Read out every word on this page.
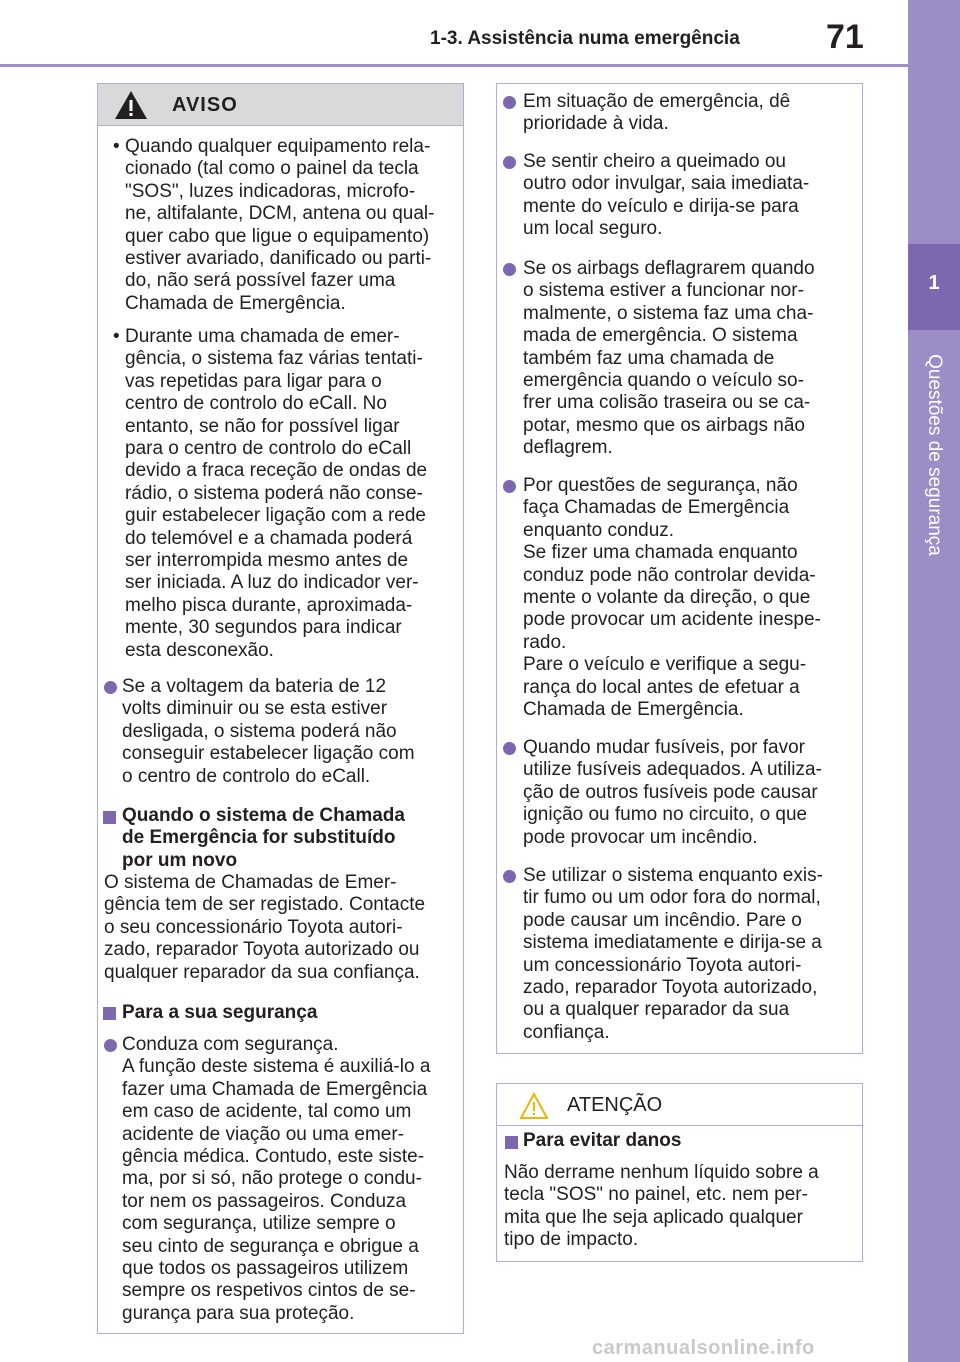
1-3. Assistência numa emergência	71
1
Questões de segurança
AVISO
• Quando qualquer equipamento rela-
cionado (tal como o painel da tecla
"SOS", luzes indicadoras, microfo-
ne, altifalante, DCM, antena ou qual-
quer cabo que ligue o equipamento)
estiver avariado, danificado ou parti-
do, não será possível fazer uma
Chamada de Emergência.
• Durante uma chamada de emer-
gência, o sistema faz várias tentati-
vas repetidas para ligar para o
centro de controlo do eCall. No
entanto, se não for possível ligar
para o centro de controlo do eCall
devido a fraca receção de ondas de
rádio, o sistema poderá não conse-
guir estabelecer ligação com a rede
do telemóvel e a chamada poderá
ser interrompida mesmo antes de
ser iniciada. A luz do indicador ver-
melho pisca durante, aproximada-
mente, 30 segundos para indicar
esta desconexão.
Se a voltagem da bateria de 12
volts diminuir ou se esta estiver
desligada, o sistema poderá não
conseguir estabelecer ligação com
o centro de controlo do eCall.
Quando o sistema de Chamada
de Emergência for substituído
por um novo
O sistema de Chamadas de Emer-
gência tem de ser registado. Contacte
o seu concessionário Toyota autori-
zado, reparador Toyota autorizado ou
qualquer reparador da sua confiança.
Para a sua segurança
Conduza com segurança.
A função deste sistema é auxiliá-lo a
fazer uma Chamada de Emergência
em caso de acidente, tal como um
acidente de viação ou uma emer-
gência médica. Contudo, este siste-
ma, por si só, não protege o condu-
tor nem os passageiros. Conduza
com segurança, utilize sempre o
seu cinto de segurança e obrigue a
que todos os passageiros utilizem
sempre os respetivos cintos de se-
gurança para sua proteção.
Em situação de emergência, dê
prioridade à vida.
Se sentir cheiro a queimado ou
outro odor invulgar, saia imediata-
mente do veículo e dirija-se para
um local seguro.
Se os airbags deflagrarem quando
o sistema estiver a funcionar nor-
malmente, o sistema faz uma cha-
mada de emergência. O sistema
também faz uma chamada de
emergência quando o veículo so-
frer uma colisão traseira ou se ca-
potar, mesmo que os airbags não
deflagrem.
Por questões de segurança, não
faça Chamadas de Emergência
enquanto conduz.
Se fizer uma chamada enquanto
conduz pode não controlar devida-
mente o volante da direção, o que
pode provocar um acidente inespe-
rado.
Pare o veículo e verifique a segu-
rança do local antes de efetuar a
Chamada de Emergência.
Quando mudar fusíveis, por favor
utilize fusíveis adequados. A utiliza-
ção de outros fusíveis pode causar
ignição ou fumo no circuito, o que
pode provocar um incêndio.
Se utilizar o sistema enquanto exis-
tir fumo ou um odor fora do normal,
pode causar um incêndio. Pare o
sistema imediatamente e dirija-se a
um concessionário Toyota autori-
zado, reparador Toyota autorizado,
ou a qualquer reparador da sua
confiança.
ATENÇÃO
Para evitar danos
Não derrame nenhum líquido sobre a
tecla "SOS" no painel, etc. nem per-
mita que lhe seja aplicado qualquer
tipo de impacto.
carmanualsonline.info
